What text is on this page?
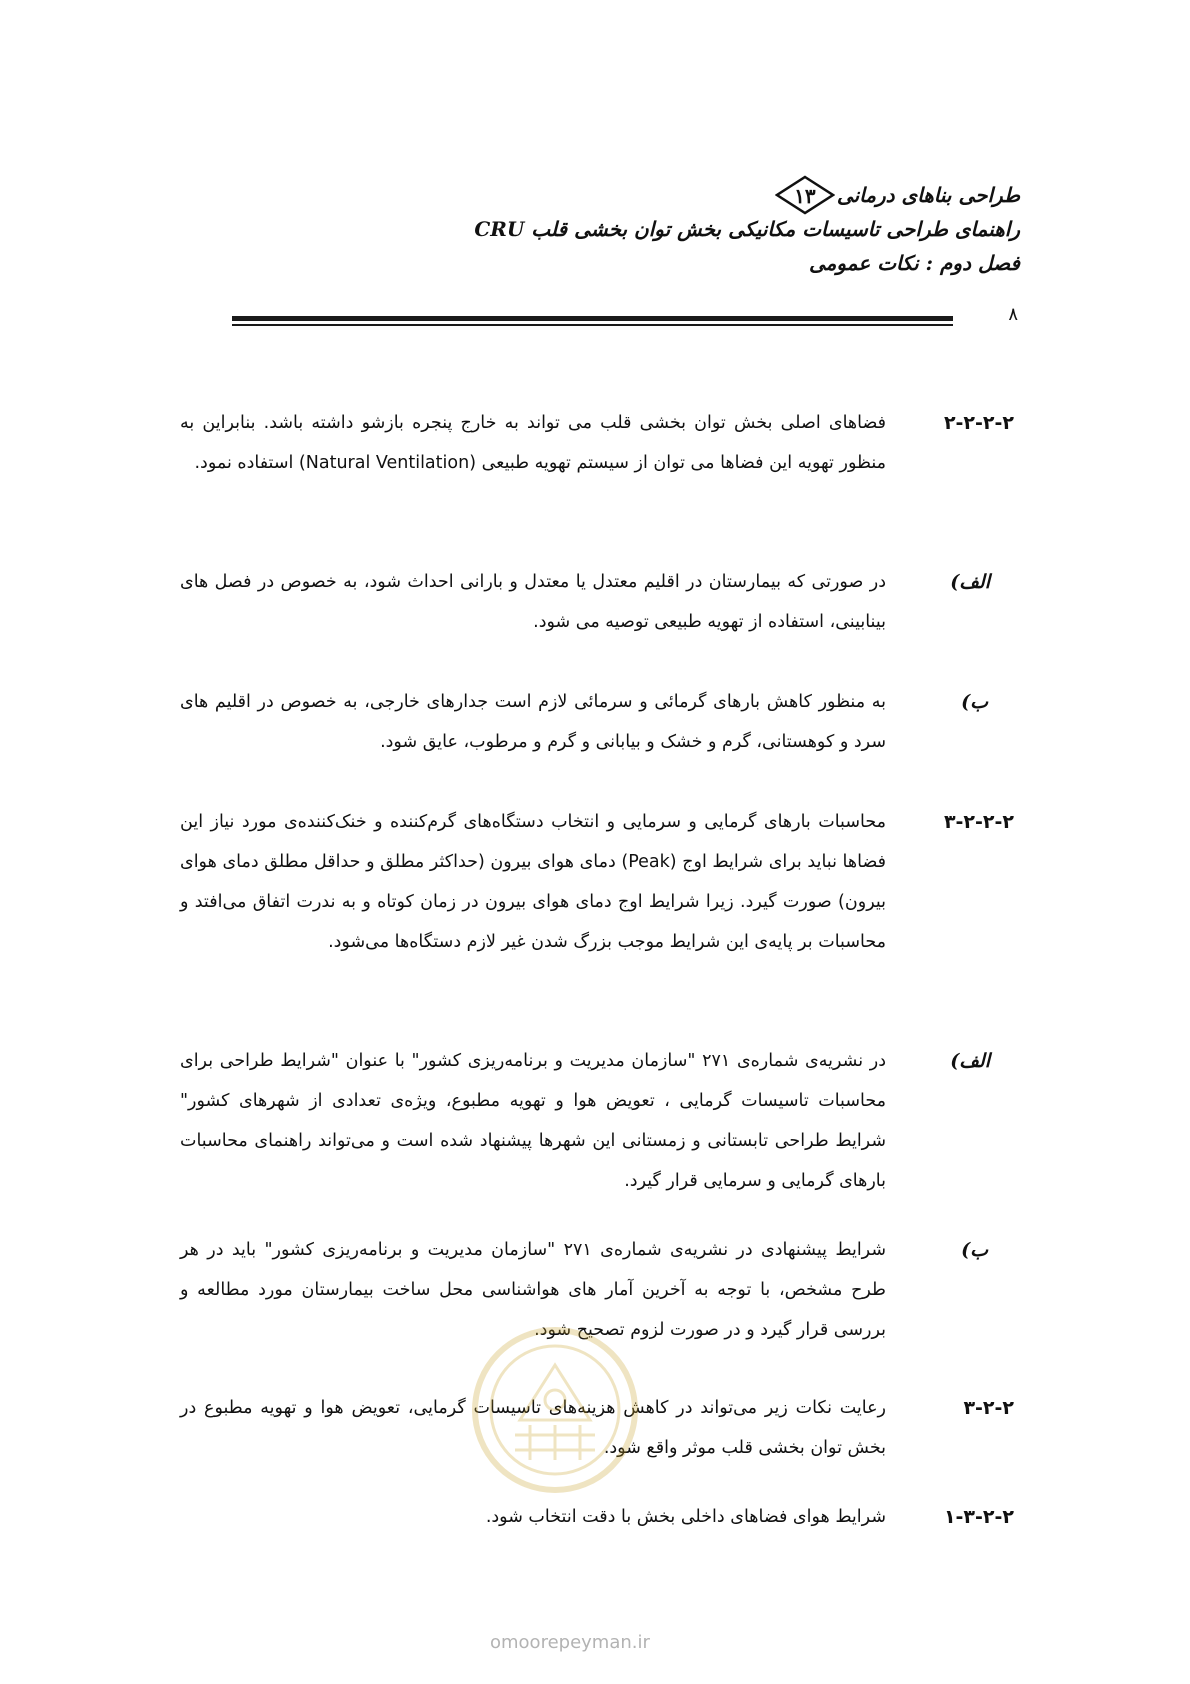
طراحی بناهای درمانی
۱۳
راهنمای طراحی تاسیسات مکانیکی بخش توان بخشی قلب CRU
فصل دوم : نکات عمومی
۸
۲-۲-۲-۲
فضاهای اصلی بخش توان بخشی قلب می تواند به خارج پنجره بازشو داشته باشد. بنابراین به منظور تهویه این فضاها می توان از سیستم تهویه طبیعی (Natural Ventilation) استفاده نمود.
الف)
در صورتی که بیمارستان در اقلیم معتدل یا معتدل و بارانی احداث شود، به خصوص در فصل های بینابینی، استفاده از تهویه طبیعی توصیه می شود.
ب)
به منظور کاهش بارهای گرمائی و سرمائی لازم است جدارهای خارجی، به خصوص در اقلیم های سرد و کوهستانی، گرم و خشک و بیابانی و گرم و مرطوب، عایق شود.
۳-۲-۲-۲
محاسبات بارهای گرمایی و سرمایی و انتخاب دستگاه‌های گرم‌کننده و خنک‌کننده‌ی مورد نیاز این فضاها نباید برای شرایط اوج (Peak) دمای هوای بیرون (حداکثر مطلق و حداقل مطلق دمای هوای بیرون) صورت گیرد. زیرا شرایط اوج دمای هوای بیرون در زمان کوتاه و به ندرت اتفاق می‌افتد و محاسبات بر پایه‌ی این شرایط موجب بزرگ شدن غیر لازم دستگاه‌ها می‌شود.
الف)
در نشریه‌ی شماره‌ی ۲۷۱ "سازمان مدیریت و برنامه‌ریزی کشور" با عنوان "شرایط طراحی برای محاسبات تاسیسات گرمایی ، تعویض هوا و تهویه مطبوع، ویژه‌ی تعدادی از شهرهای کشور" شرایط طراحی تابستانی و زمستانی این شهرها پیشنهاد شده است و می‌تواند راهنمای محاسبات بارهای گرمایی و سرمایی قرار گیرد.
ب)
شرایط پیشنهادی در نشریه‌ی شماره‌ی ۲۷۱ "سازمان مدیریت و برنامه‌ریزی کشور" باید در هر طرح مشخص، با توجه به آخرین آمار های هواشناسی محل ساخت بیمارستان مورد مطالعه و بررسی قرار گیرد و در صورت لزوم تصحیح شود.
۳-۲-۲
رعایت نکات زیر می‌تواند در کاهش هزینه‌های تاسیسات گرمایی، تعویض هوا و تهویه مطبوع در بخش توان بخشی قلب موثر واقع شود.
۱-۳-۲-۲
شرایط هوای فضاهای داخلی بخش با دقت انتخاب شود.
omoorepeyman.ir
